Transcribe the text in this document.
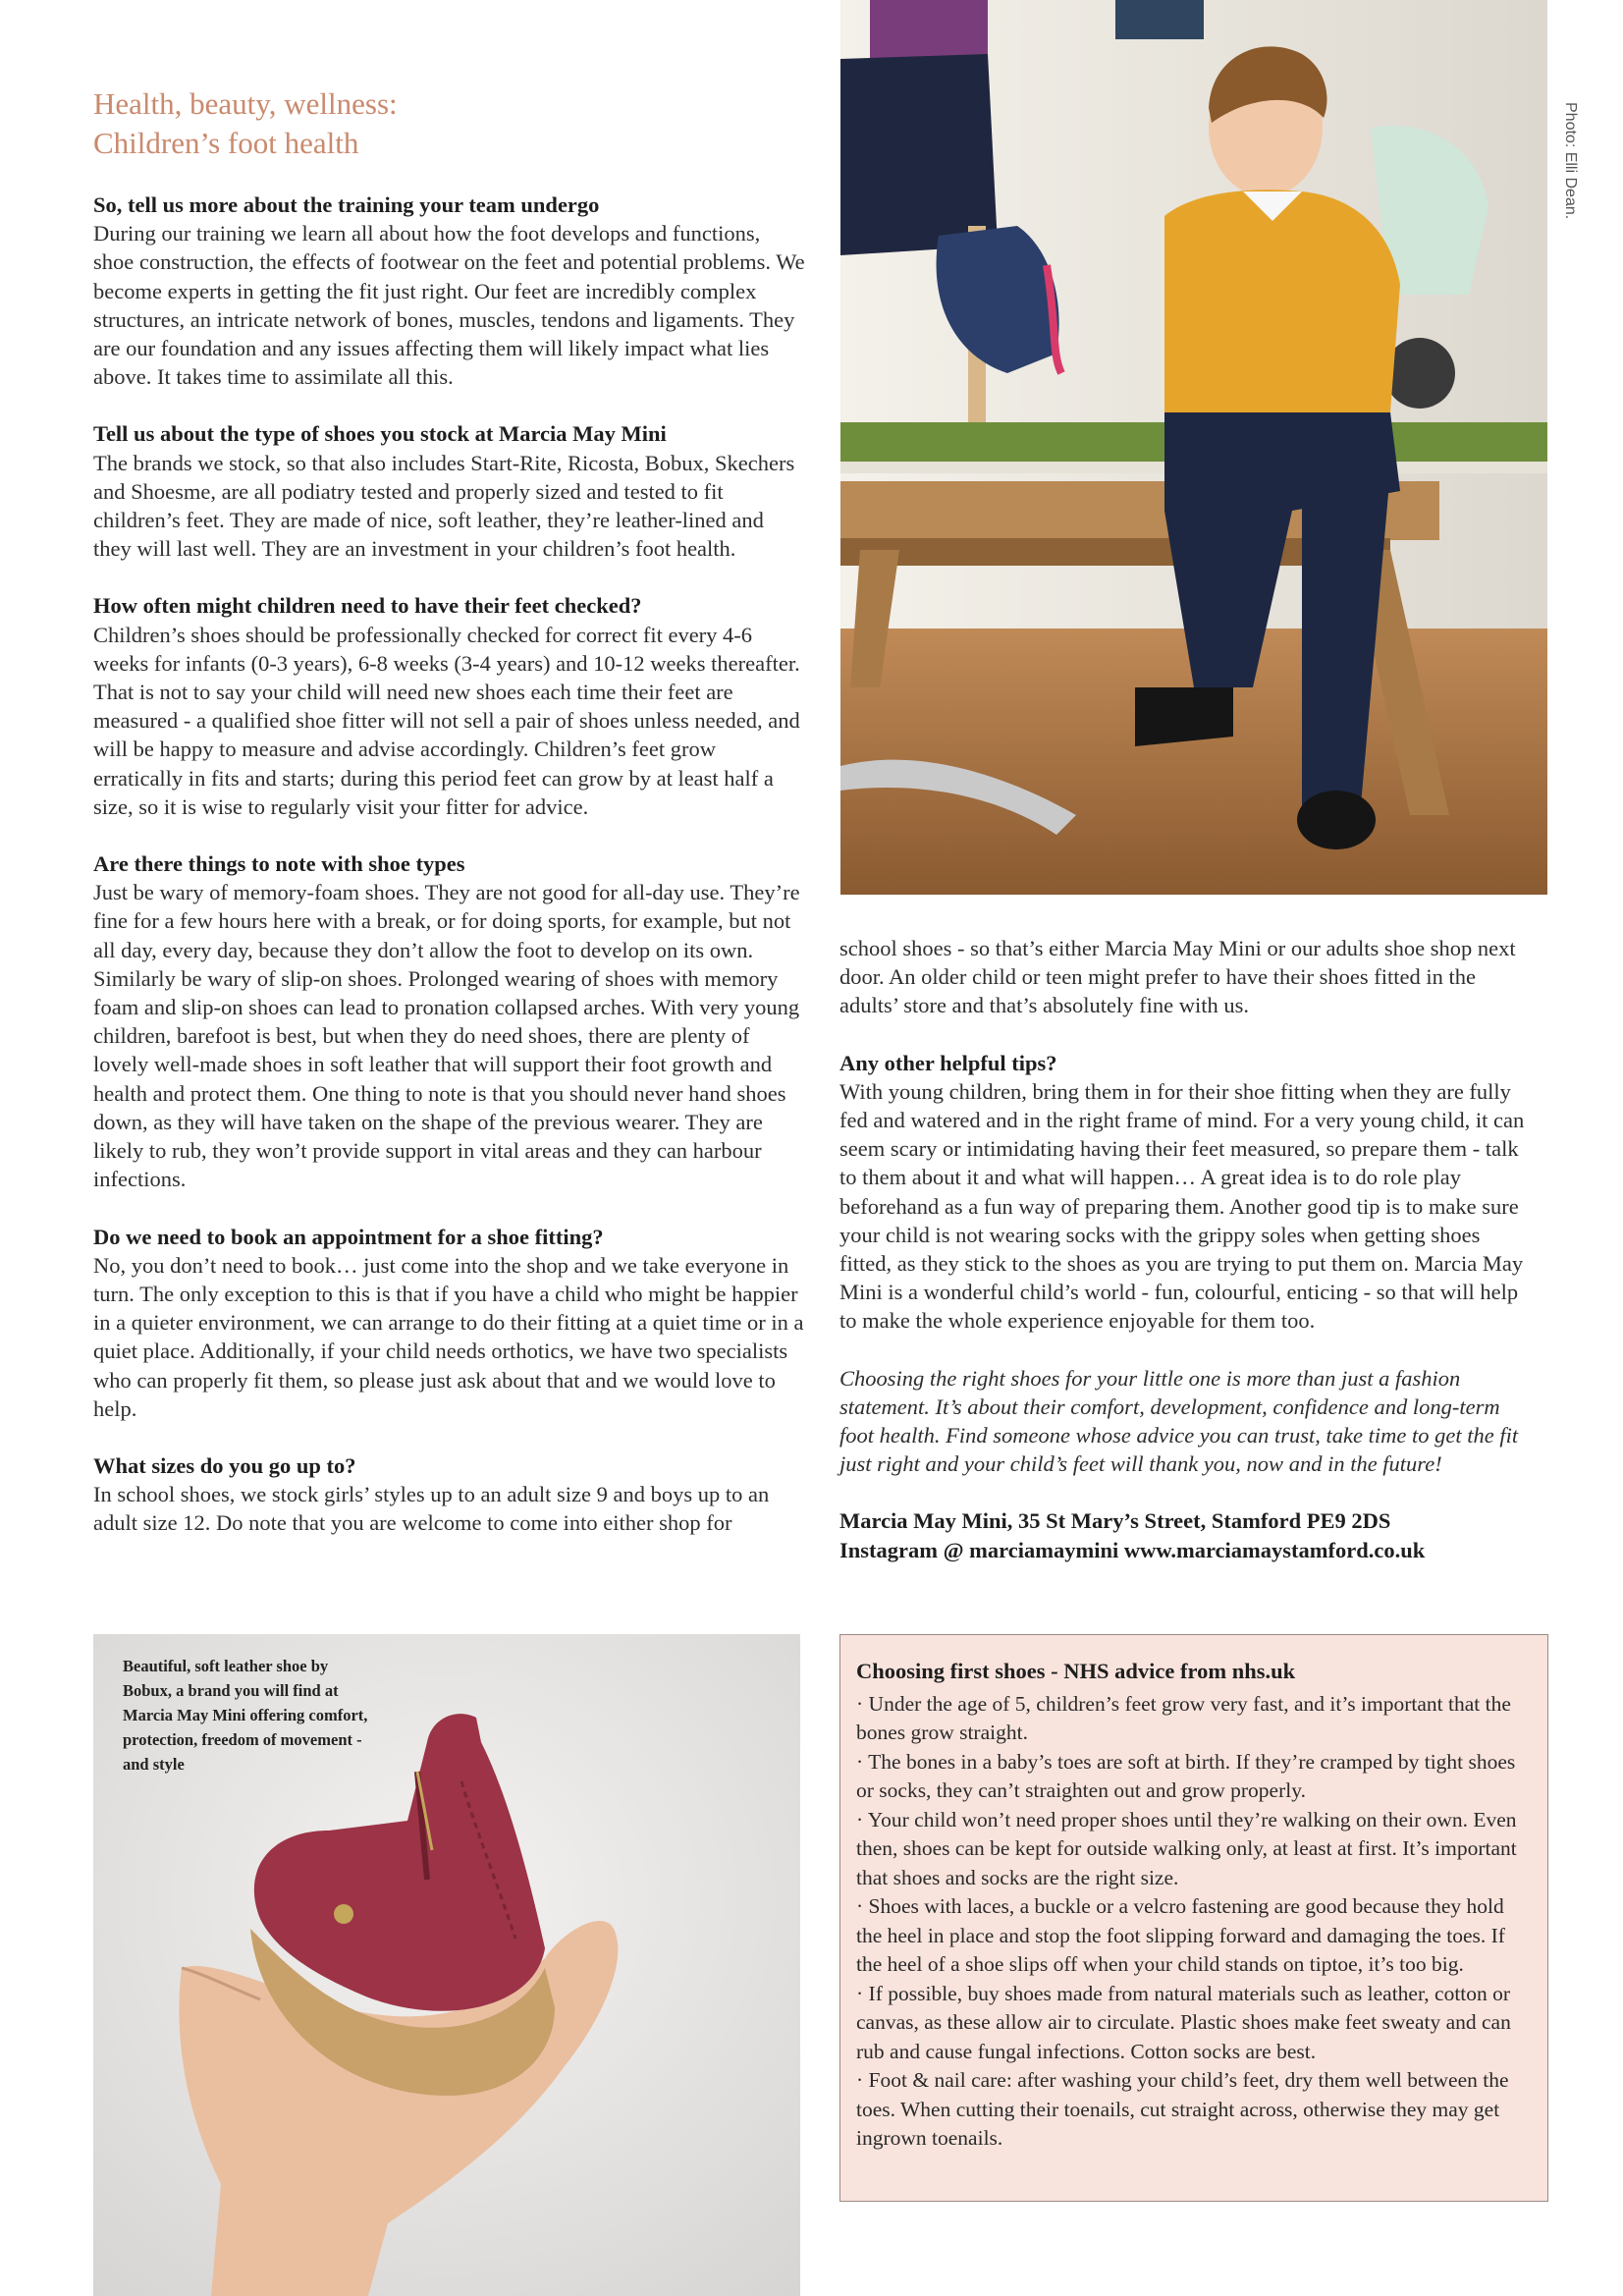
Health, beauty, wellness:
Children’s foot health

So, tell us more about the training your team undergo
During our training we learn all about how the foot develops and functions, shoe construction, the effects of footwear on the feet and potential problems. We become experts in getting the fit just right. Our feet are incredibly complex structures, an intricate network of bones, muscles, tendons and ligaments. They are our foundation and any issues affecting them will likely impact what lies above. It takes time to assimilate all this.

Tell us about the type of shoes you stock at Marcia May Mini
The brands we stock, so that also includes Start-Rite, Ricosta, Bobux, Skechers and Shoesme, are all podiatry tested and properly sized and tested to fit children’s feet. They are made of nice, soft leather, they’re leather-lined and they will last well. They are an investment in your children’s foot health.

How often might children need to have their feet checked?
Children’s shoes should be professionally checked for correct fit every 4-6 weeks for infants (0-3 years), 6-8 weeks (3-4 years) and 10-12 weeks thereafter. That is not to say your child will need new shoes each time their feet are measured - a qualified shoe fitter will not sell a pair of shoes unless needed, and will be happy to measure and advise accordingly. Children’s feet grow erratically in fits and starts; during this period feet can grow by at least half a size, so it is wise to regularly visit your fitter for advice.

Are there things to note with shoe types
Just be wary of memory-foam shoes. They are not good for all-day use. They’re fine for a few hours here with a break, or for doing sports, for example, but not all day, every day, because they don’t allow the foot to develop on its own. Similarly be wary of slip-on shoes. Prolonged wearing of shoes with memory foam and slip-on shoes can lead to pronation collapsed arches. With very young children, barefoot is best, but when they do need shoes, there are plenty of lovely well-made shoes in soft leather that will support their foot growth and health and protect them. One thing to note is that you should never hand shoes down, as they will have taken on the shape of the previous wearer. They are likely to rub, they won’t provide support in vital areas and they can harbour infections.

Do we need to book an appointment for a shoe fitting?
No, you don’t need to book… just come into the shop and we take everyone in turn. The only exception to this is that if you have a child who might be happier in a quieter environment, we can arrange to do their fitting at a quiet time or in a quiet place. Additionally, if your child needs orthotics, we have two specialists who can properly fit them, so please just ask about that and we would love to help.

What sizes do you go up to?
In school shoes, we stock girls’ styles up to an adult size 9 and boys up to an adult size 12. Do note that you are welcome to come into either shop for

Photo: Elli Dean.

school shoes - so that’s either Marcia May Mini or our adults shoe shop next door. An older child or teen might prefer to have their shoes fitted in the adults’ store and that’s absolutely fine with us.

Any other helpful tips?
With young children, bring them in for their shoe fitting when they are fully fed and watered and in the right frame of mind. For a very young child, it can seem scary or intimidating having their feet measured, so prepare them - talk to them about it and what will happen… A great idea is to do role play beforehand as a fun way of preparing them. Another good tip is to make sure your child is not wearing socks with the grippy soles when getting shoes fitted, as they stick to the shoes as you are trying to put them on. Marcia May Mini is a wonderful child’s world - fun, colourful, enticing - so that will help to make the whole experience enjoyable for them too.

Choosing the right shoes for your little one is more than just a fashion statement. It’s about their comfort, development, confidence and long-term foot health. Find someone whose advice you can trust, take time to get the fit just right and your child’s feet will thank you, now and in the future!

Marcia May Mini, 35 St Mary’s Street, Stamford PE9 2DS
Instagram @ marciamaymini www.marciamaystamford.co.uk

Beautiful, soft leather shoe by Bobux, a brand you will find at Marcia May Mini offering comfort, protection, freedom of movement - and style
Choosing first shoes - NHS advice from nhs.uk
· Under the age of 5, children’s feet grow very fast, and it’s important that the bones grow straight.
· The bones in a baby’s toes are soft at birth. If they’re cramped by tight shoes or socks, they can’t straighten out and grow properly.
· Your child won’t need proper shoes until they’re walking on their own. Even then, shoes can be kept for outside walking only, at least at first. It’s important that shoes and socks are the right size.
· Shoes with laces, a buckle or a velcro fastening are good because they hold the heel in place and stop the foot slipping forward and damaging the toes. If the heel of a shoe slips off when your child stands on tiptoe, it’s too big.
· If possible, buy shoes made from natural materials such as leather, cotton or canvas, as these allow air to circulate. Plastic shoes make feet sweaty and can rub and cause fungal infections. Cotton socks are best.
· Foot & nail care: after washing your child’s feet, dry them well between the toes. When cutting their toenails, cut straight across, otherwise they may get ingrown toenails.
